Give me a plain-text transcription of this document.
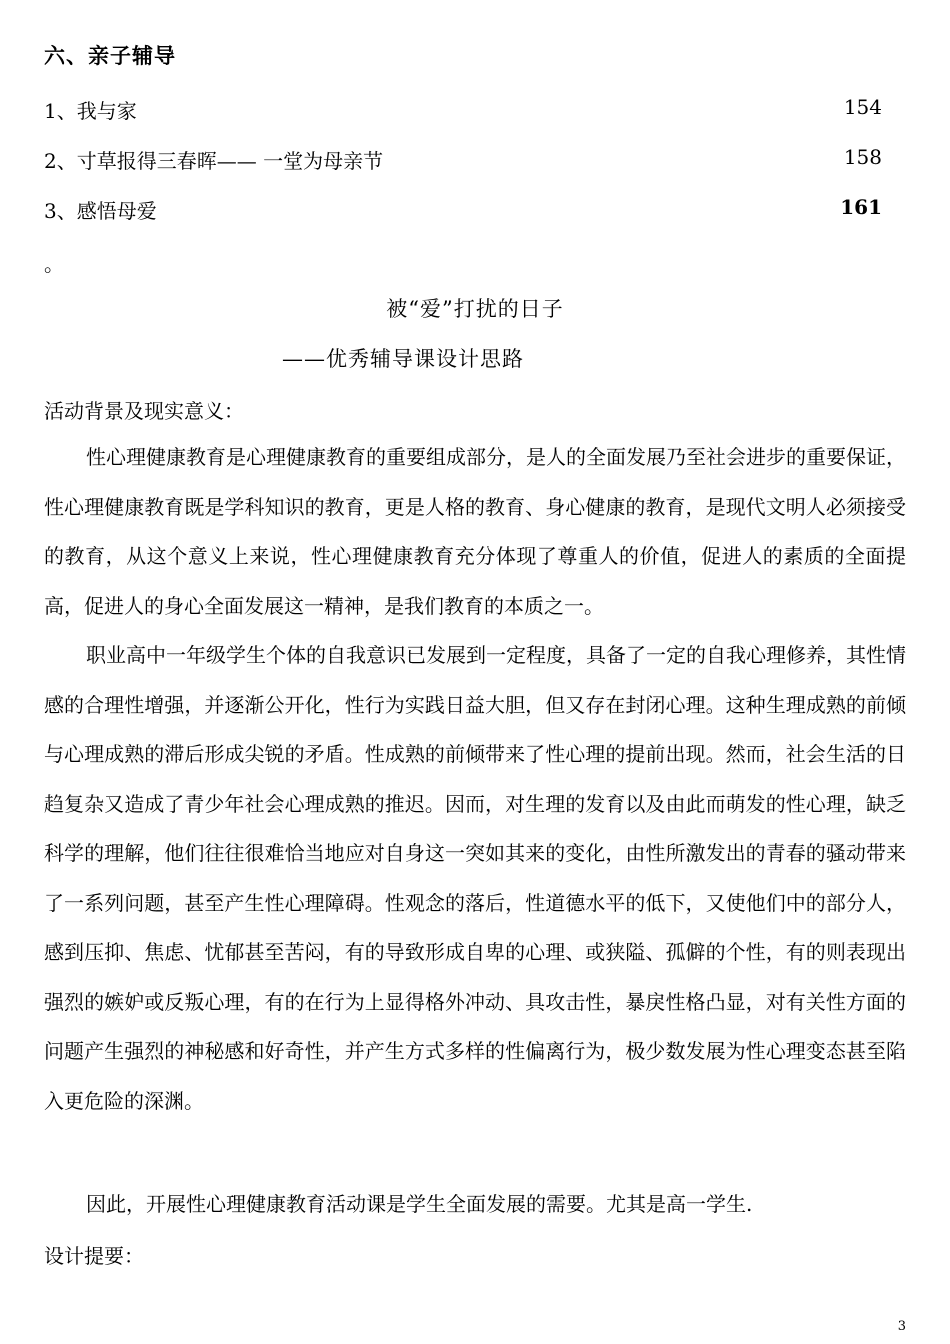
六、亲子辅导
1、我与家	154
2、寸草报得三春晖—— 一堂为母亲节	158
3、感悟母爱	161
。
被“爱”打扰的日子
——优秀辅导课设计思路
活动背景及现实意义：

性心理健康教育是心理健康教育的重要组成部分，是人的全面发展乃至社会进步的重要保证，性心理健康教育既是学科知识的教育，更是人格的教育、身心健康的教育，是现代文明人必须接受的教育，从这个意义上来说，性心理健康教育充分体现了尊重人的价值，促进人的素质的全面提高，促进人的身心全面发展这一精神，是我们教育的本质之一。

职业高中一年级学生个体的自我意识已发展到一定程度，具备了一定的自我心理修养，其性情感的合理性增强，并逐渐公开化，性行为实践日益大胆，但又存在封闭心理。这种生理成熟的前倾与心理成熟的滞后形成尖锐的矛盾。性成熟的前倾带来了性心理的提前出现。然而，社会生活的日趋复杂又造成了青少年社会心理成熟的推迟。因而，对生理的发育以及由此而萌发的性心理，缺乏科学的理解，他们往往很难恰当地应对自身这一突如其来的变化，由性所激发出的青春的骚动带来了一系列问题，甚至产生性心理障碍。性观念的落后，性道德水平的低下，又使他们中的部分人，感到压抑、焦虑、忧郁甚至苦闷，有的导致形成自卑的心理、或狭隘、孤僻的个性，有的则表现出强烈的嫉妒或反叛心理，有的在行为上显得格外冲动、具攻击性，暴戾性格凸显，对有关性方面的问题产生强烈的神秘感和好奇性，并产生方式多样的性偏离行为，极少数发展为性心理变态甚至陷入更危险的深渊。

因此，开展性心理健康教育活动课是学生全面发展的需要。尤其是高一学生.

设计提要：
3
